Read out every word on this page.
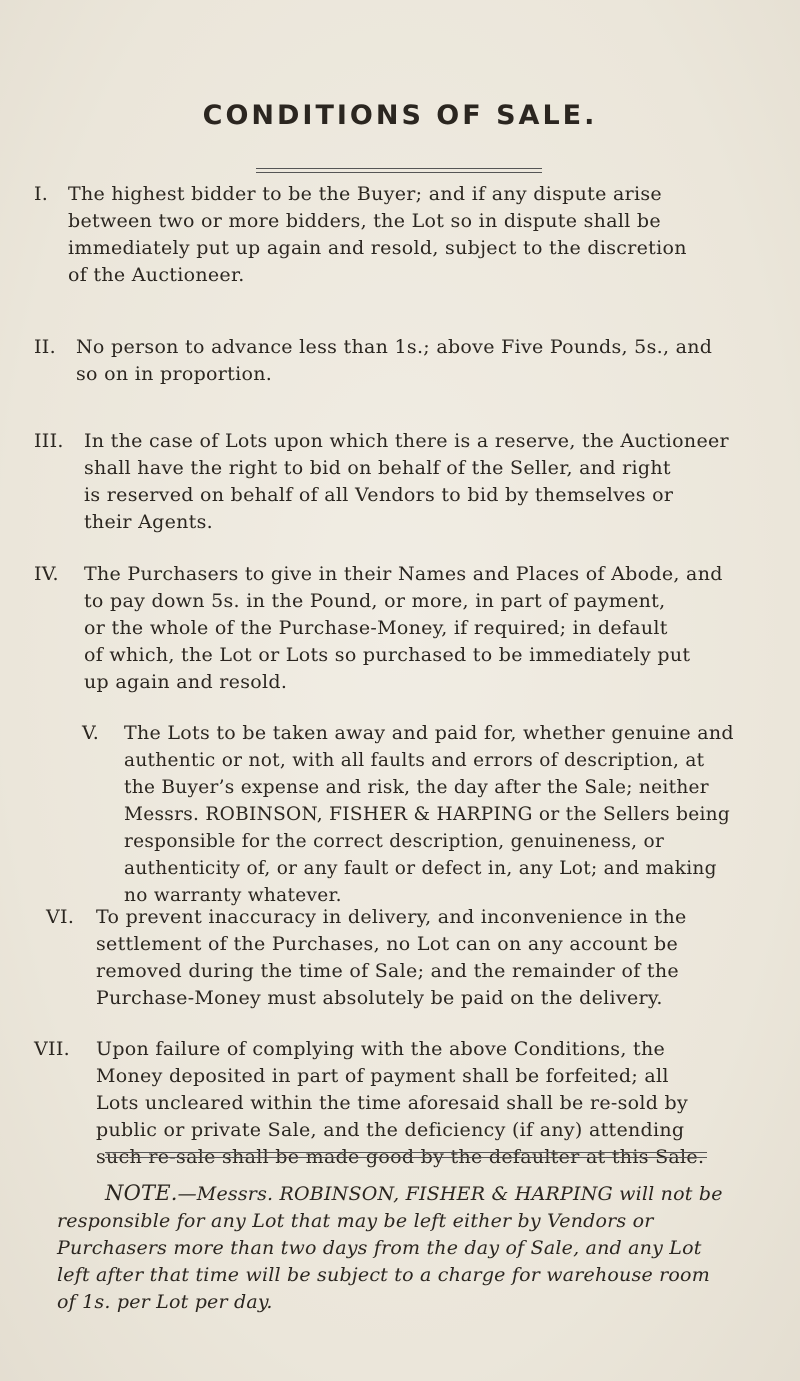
CONDITIONS OF SALE.
I. The highest bidder to be the Buyer; and if any dispute arise
between two or more bidders, the Lot so in dispute shall be
immediately put up again and resold, subject to the discretion
of the Auctioneer.
II. No person to advance less than 1s.; above Five Pounds, 5s., and
so on in proportion.
III. In the case of Lots upon which there is a reserve, the Auctioneer
shall have the right to bid on behalf of the Seller, and right
is reserved on behalf of all Vendors to bid by themselves or
their Agents.
IV. The Purchasers to give in their Names and Places of Abode, and
to pay down 5s. in the Pound, or more, in part of payment,
or the whole of the Purchase-Money, if required; in default
of which, the Lot or Lots so purchased to be immediately put
up again and resold.
V. The Lots to be taken away and paid for, whether genuine and
authentic or not, with all faults and errors of description, at
the Buyer’s expense and risk, the day after the Sale; neither
Messrs. ROBINSON, FISHER & HARPING or the Sellers being
responsible for the correct description, genuineness, or
authenticity of, or any fault or defect in, any Lot; and making
no warranty whatever.
VI. To prevent inaccuracy in delivery, and inconvenience in the
settlement of the Purchases, no Lot can on any account be
removed during the time of Sale; and the remainder of the
Purchase-Money must absolutely be paid on the delivery.
VII. Upon failure of complying with the above Conditions, the
Money deposited in part of payment shall be forfeited; all
Lots uncleared within the time aforesaid shall be re-sold by
public or private Sale, and the deficiency (if any) attending
such re-sale shall be made good by the defaulter at this Sale.
NOTE.—Messrs. ROBINSON, FISHER & HARPING will not be
responsible for any Lot that may be left either by Vendors or
Purchasers more than two days from the day of Sale, and any Lot
left after that time will be subject to a charge for warehouse room
of 1s. per Lot per day.
